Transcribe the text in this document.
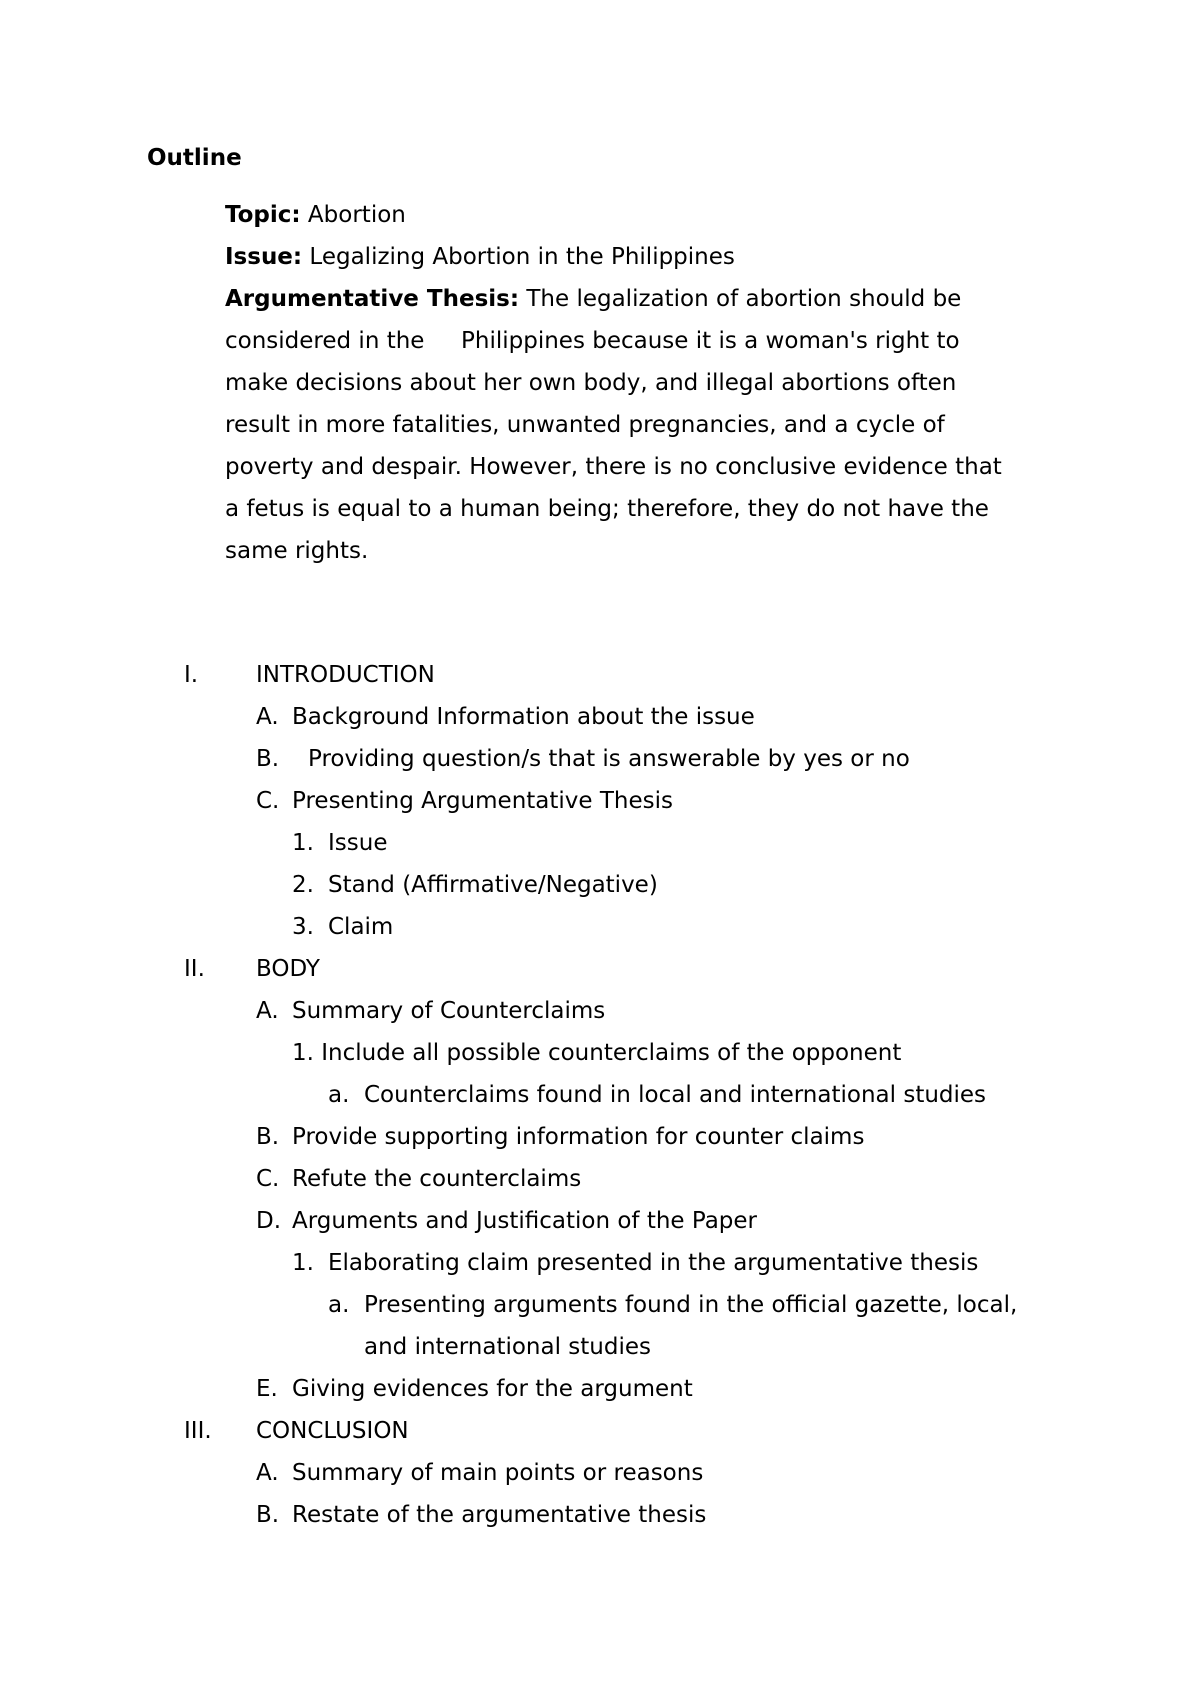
Outline
Topic: Abortion
Issue: Legalizing Abortion in the Philippines
Argumentative Thesis: The legalization of abortion should be
considered in the     Philippines because it is a woman's right to
make decisions about her own body, and illegal abortions often
result in more fatalities, unwanted pregnancies, and a cycle of
poverty and despair. However, there is no conclusive evidence that
a fetus is equal to a human being; therefore, they do not have the
same rights.
I.	INTRODUCTION
A. Background Information about the issue
B. Providing question/s that is answerable by yes or no
C. Presenting Argumentative Thesis
1. Issue
2. Stand (Affirmative/Negative)
3. Claim
II. BODY
A. Summary of Counterclaims
1. Include all possible counterclaims of the opponent
a. Counterclaims found in local and international studies
B. Provide supporting information for counter claims
C. Refute the counterclaims
D. Arguments and Justification of the Paper
1. Elaborating claim presented in the argumentative thesis
a. Presenting arguments found in the official gazette, local,
and international studies
E. Giving evidences for the argument
III. CONCLUSION
A. Summary of main points or reasons
B. Restate of the argumentative thesis
